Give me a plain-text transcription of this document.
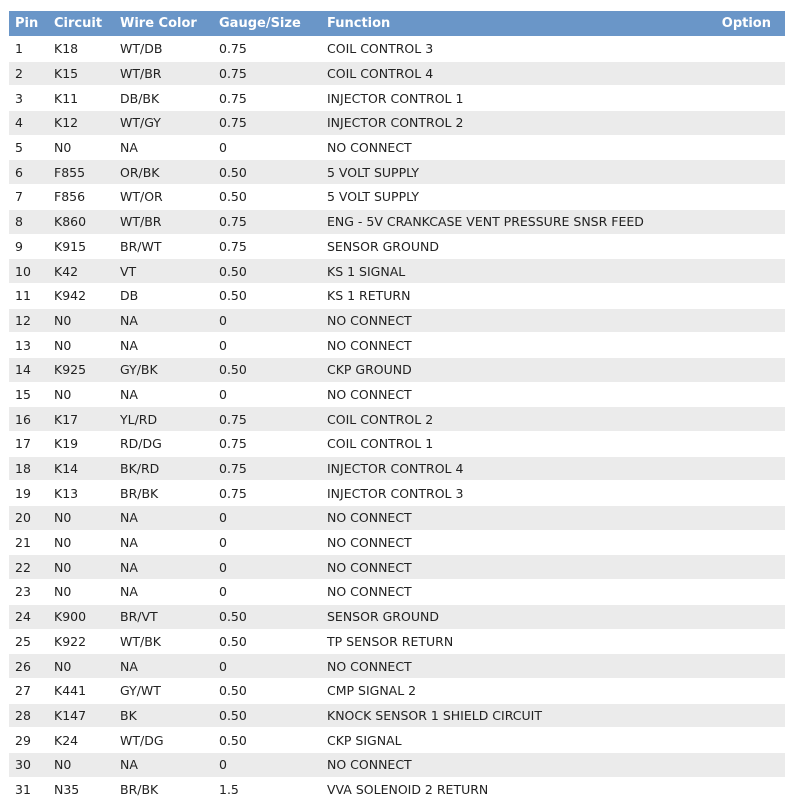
Pin	Circuit	Wire Color	Gauge/Size	Function	Option
1	K18	WT/DB	0.75	COIL CONTROL 3	
2	K15	WT/BR	0.75	COIL CONTROL 4	
3	K11	DB/BK	0.75	INJECTOR CONTROL 1	
4	K12	WT/GY	0.75	INJECTOR CONTROL 2	
5	N0	NA	0	NO CONNECT	
6	F855	OR/BK	0.50	5 VOLT SUPPLY	
7	F856	WT/OR	0.50	5 VOLT SUPPLY	
8	K860	WT/BR	0.75	ENG - 5V CRANKCASE VENT PRESSURE SNSR FEED	
9	K915	BR/WT	0.75	SENSOR GROUND	
10	K42	VT	0.50	KS 1 SIGNAL	
11	K942	DB	0.50	KS 1 RETURN	
12	N0	NA	0	NO CONNECT	
13	N0	NA	0	NO CONNECT	
14	K925	GY/BK	0.50	CKP GROUND	
15	N0	NA	0	NO CONNECT	
16	K17	YL/RD	0.75	COIL CONTROL 2	
17	K19	RD/DG	0.75	COIL CONTROL 1	
18	K14	BK/RD	0.75	INJECTOR CONTROL 4	
19	K13	BR/BK	0.75	INJECTOR CONTROL 3	
20	N0	NA	0	NO CONNECT	
21	N0	NA	0	NO CONNECT	
22	N0	NA	0	NO CONNECT	
23	N0	NA	0	NO CONNECT	
24	K900	BR/VT	0.50	SENSOR GROUND	
25	K922	WT/BK	0.50	TP SENSOR RETURN	
26	N0	NA	0	NO CONNECT	
27	K441	GY/WT	0.50	CMP SIGNAL 2	
28	K147	BK	0.50	KNOCK SENSOR 1 SHIELD CIRCUIT	
29	K24	WT/DG	0.50	CKP SIGNAL	
30	N0	NA	0	NO CONNECT	
31	N35	BR/BK	1.5	VVA SOLENOID 2 RETURN	
